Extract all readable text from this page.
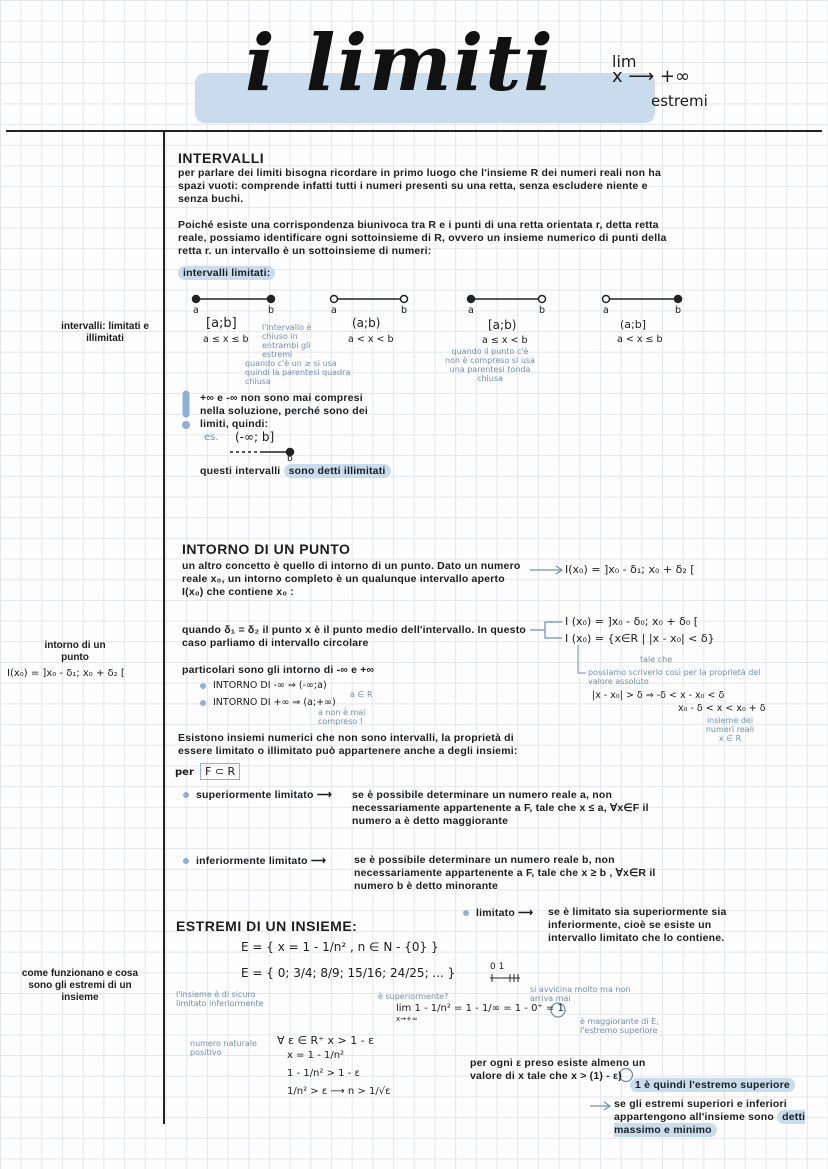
i limiti	lim
x ⟶ +∞
estremi
intervalli: limitati e illimitati
intorno di un punto
I(x₀) = ]x₀ - δ₁; x₀ + δ₂ [
come funzionano e cosa sono gli estremi di un insieme
INTERVALLI
per parlare dei limiti bisogna ricordare in primo luogo che l'insieme R dei numeri reali non ha spazi vuoti: comprende infatti tutti i numeri presenti su una retta, senza escludere niente e senza buchi.
Poiché esiste una corrispondenza biunivoca tra R e i punti di una retta orientata r, detta retta reale, possiamo identificare ogni sottoinsieme di R, ovvero un insieme numerico di punti della retta r. un intervallo è un sottoinsieme di numeri:
intervalli limitati:
a	b	a	b	a	b	a	b
[a;b]
a ≤ x ≤ b
(a;b)
a < x < b
[a;b)
a ≤ x < b
(a;b]
a < x ≤ b
l'intervallo è chiuso in entrambi gli estremi
quando c'è un ≥ si usa quindi la parentesi quadra chiusa
quando il punto c'è non è compreso si usa una parentesi tonda chiusa
+∞ e -∞ non sono mai compresi nella soluzione, perché sono dei limiti, quindi:
es. (-∞; b]
b
questi intervalli sono detti illimitati
INTORNO DI UN PUNTO
un altro concetto è quello di intorno di un punto. Dato un numero reale x₀, un intorno completo è un qualunque intervallo aperto I(x₀) che contiene x₀ :
I(x₀) = ]x₀ - δ₁; x₀ + δ₂ [
quando δ₁ = δ₂ il punto x è il punto medio dell'intervallo. In questo caso parliamo di intervallo circolare
I (x₀) = ]x₀ - δ₀; x₀ + δ₀ [
I (x₀) = {x∈R | |x - x₀| < δ}
tale che
possiamo scriverlo così per la proprietà del valore assoluto
|x - x₀| > δ ⇒ -δ < x - x₀ < δ
x₀ - δ < x < x₀ + δ
insieme dei numeri reali x ∈ R
particolari sono gli intorno di -∞ e +∞
INTORNO DI -∞ ⇒ (-∞;a)
a ∈ R
INTORNO DI +∞ ⇒ (a;+∞)
a non è mai compreso !
Esistono insiemi numerici che non sono intervalli, la proprietà di essere limitato o illimitato può appartenere anche a degli insiemi:
per	F ⊂ R
superiormente limitato ⟶ se è possibile determinare un numero reale a, non necessariamente appartenente a F, tale che x ≤ a, ∀x∈F il numero a è detto maggiorante
inferiormente limitato ⟶	se è possibile determinare un numero reale b, non necessariamente appartenente a F, tale che x ≥ b , ∀x∈R il numero b è detto minorante
limitato ⟶ se è limitato sia superiormente sia inferiormente, cioè se esiste un intervallo limitato che lo contiene.
ESTREMI DI UN INSIEME:
E = { x = 1 - 1/n² , n ∈ N - {0} }
E = { 0; 3/4; 8/9; 15/16; 24/25; ... }
l'insieme è di sicuro limitato inferiormente
è superiormente?
0 1
si avvicina molto ma non arriva mai
lim 1 - 1/n² = 1 - 1/∞ = 1 - 0⁺ = 1
x→+∞	è maggiorante di E, l'estremo superiore
numero naturale positivo
∀ ε ∈ R⁺ x > 1 - ε
x = 1 - 1/n²
1 - 1/n² > 1 - ε
1/n² > ε ⟶ n > 1/√ε
per ogni ε preso esiste almeno un valore di x tale che x > (1) - ε)
1 è quindi l'estremo superiore
se gli estremi superiori e inferiori appartengono all'insieme sono detti massimo e minimo
